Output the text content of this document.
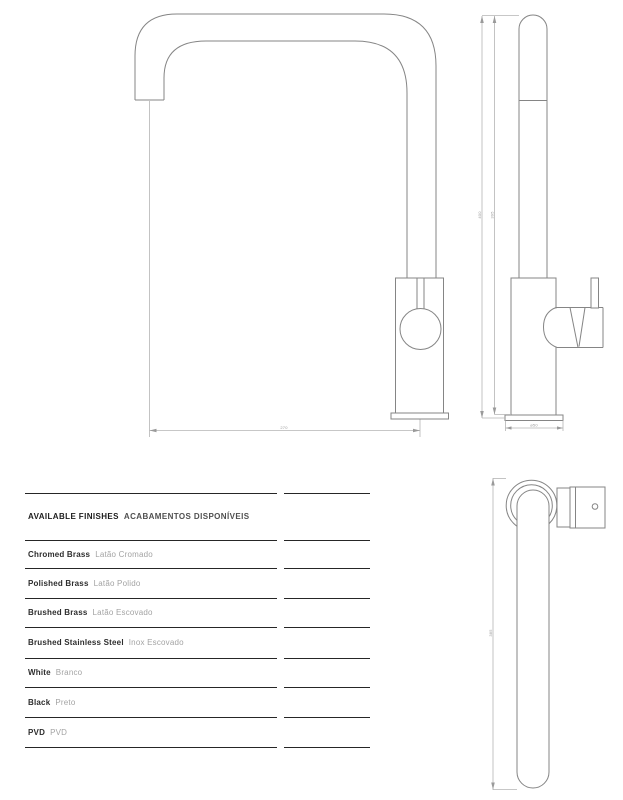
270
400 395
ø50
385
AVAILABLE FINISHES ACABAMENTOS DISPONÍVEIS
Chromed Brass Latão Cromado
Polished Brass Latão Polido
Brushed Brass Latão Escovado
Brushed Stainless Steel Inox Escovado
White Branco
Black Preto
PVD PVD
